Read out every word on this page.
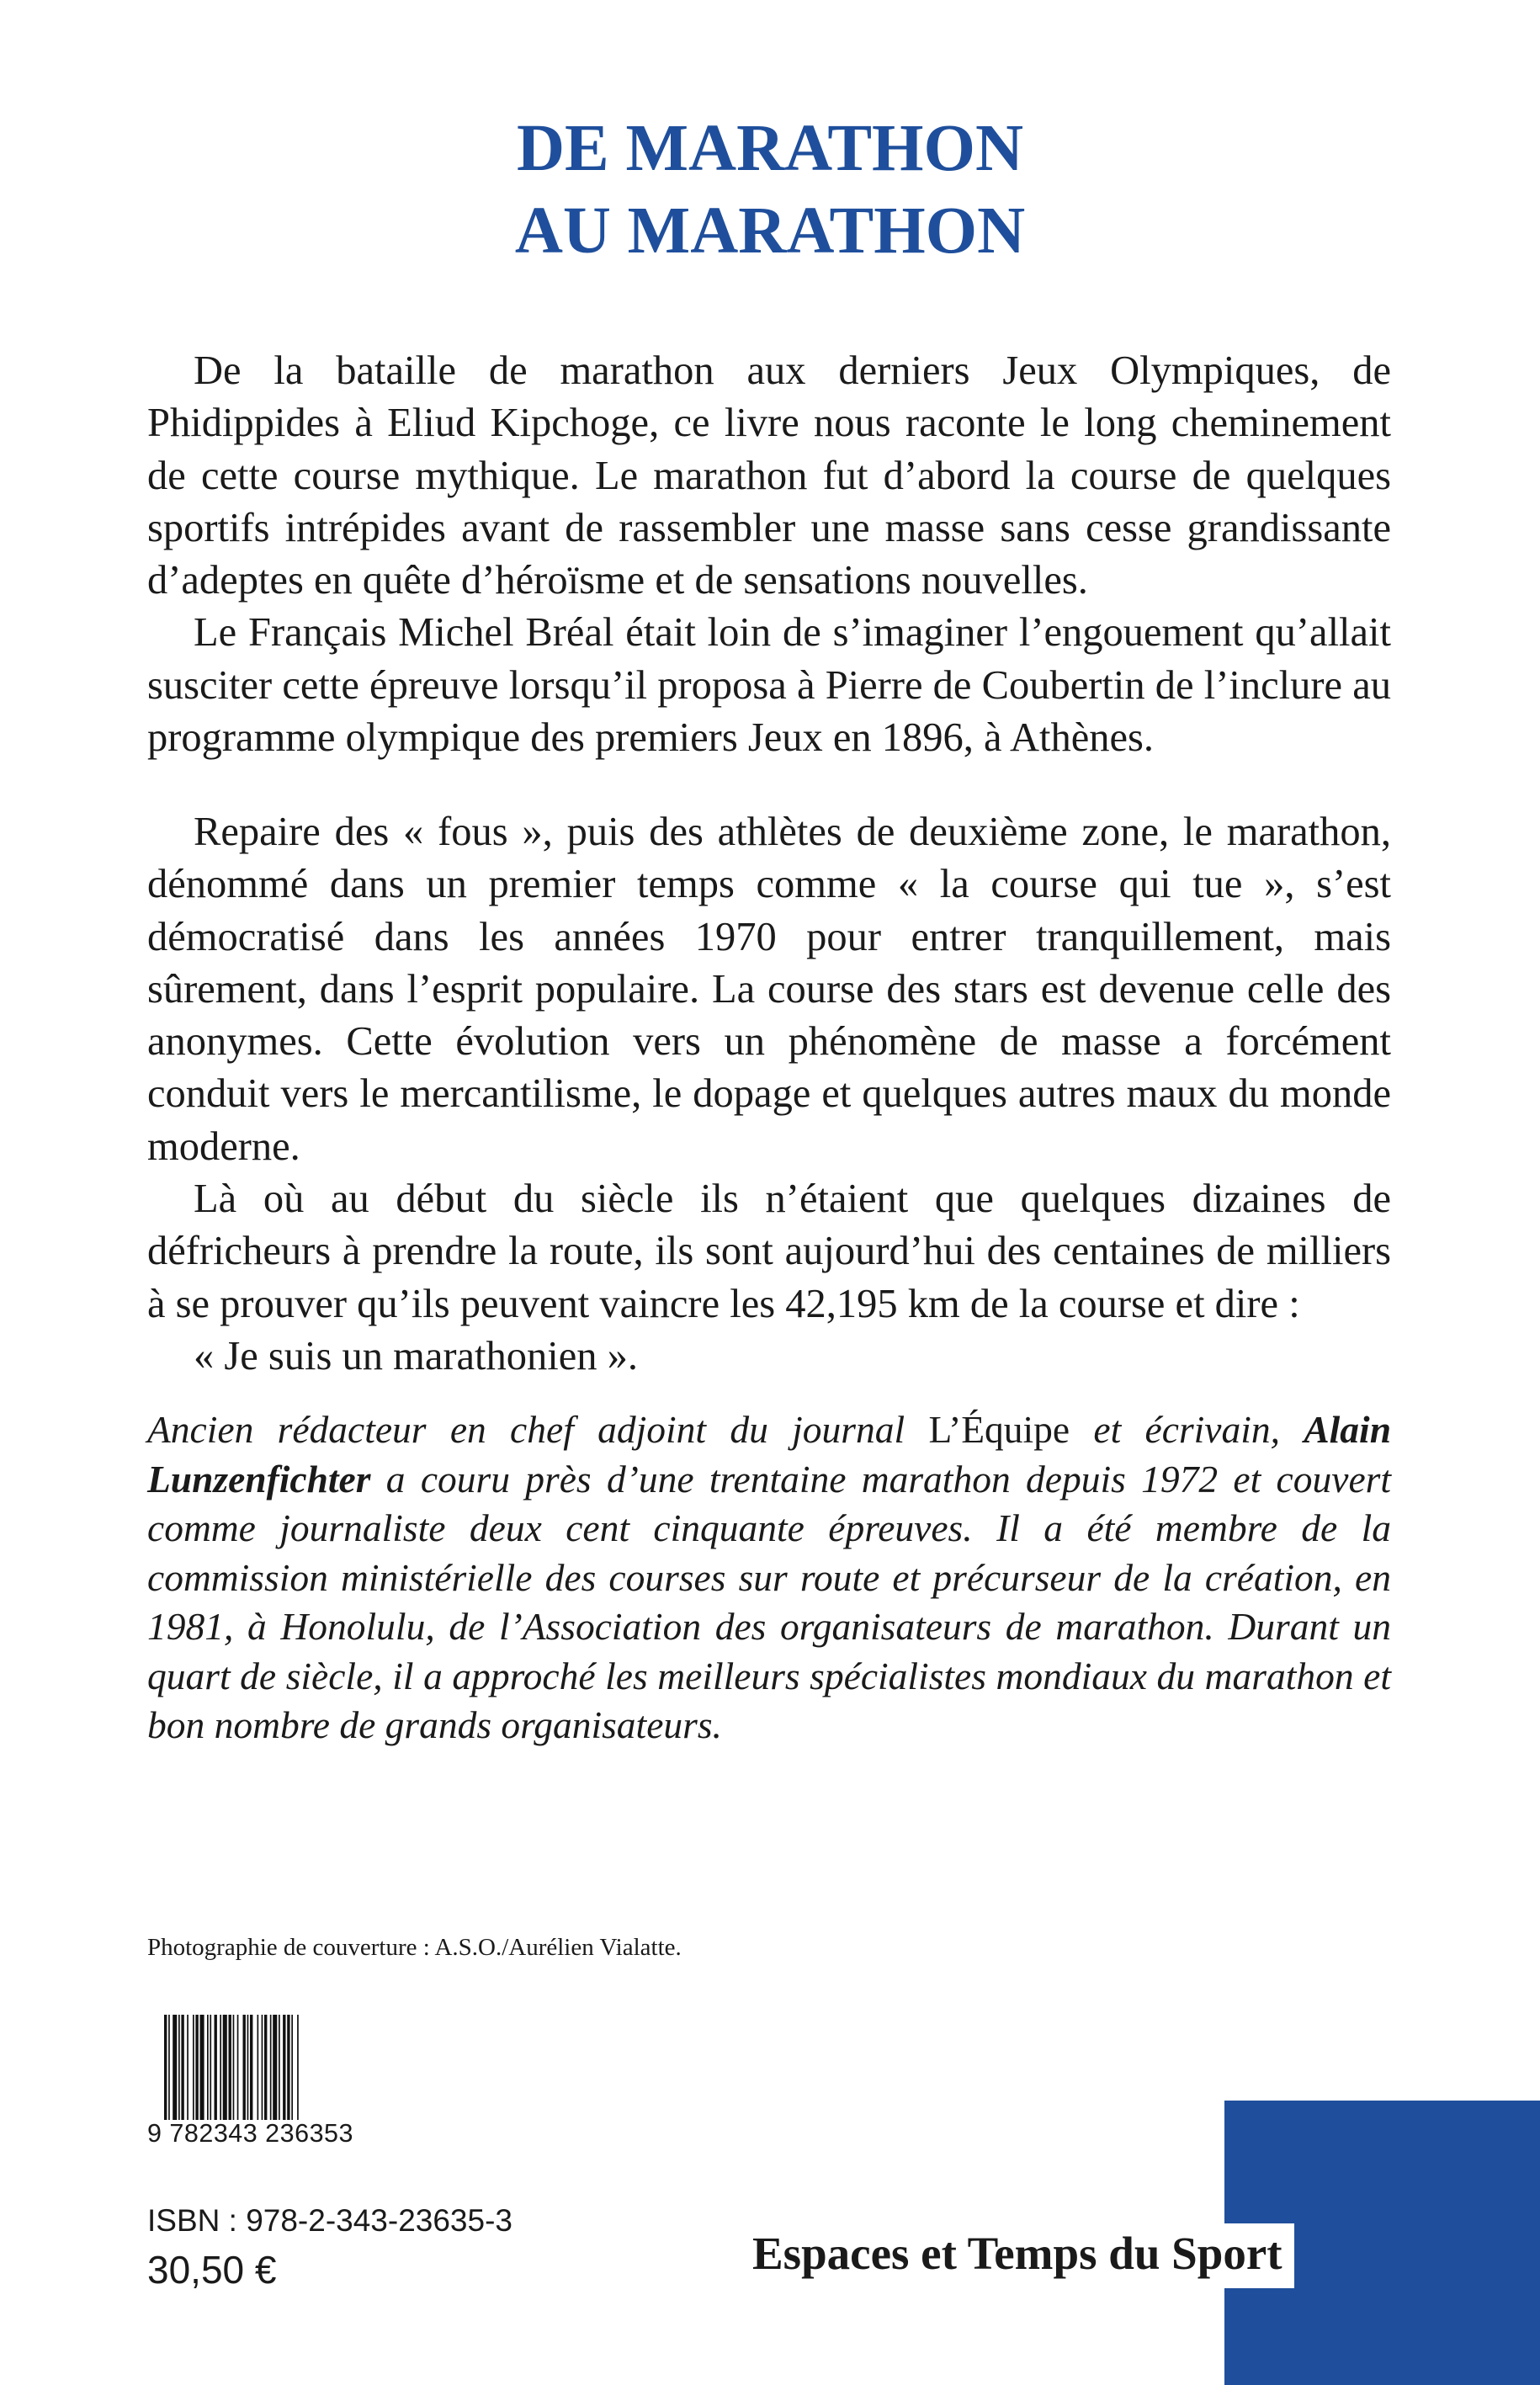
DE MARATHON
AU MARATHON

De la bataille de marathon aux derniers Jeux Olympiques, de Phidippides à Eliud Kipchoge, ce livre nous raconte le long cheminement de cette course mythique. Le marathon fut d’abord la course de quelques sportifs intrépides avant de rassembler une masse sans cesse grandissante d’adeptes en quête d’héroïsme et de sensations nouvelles.

Le Français Michel Bréal était loin de s’imaginer l’engouement qu’allait susciter cette épreuve lorsqu’il proposa à Pierre de Coubertin de l’inclure au programme olympique des premiers Jeux en 1896, à Athènes.

Repaire des « fous », puis des athlètes de deuxième zone, le marathon, dénommé dans un premier temps comme « la course qui tue », s’est démocratisé dans les années 1970 pour entrer tranquillement, mais sûrement, dans l’esprit populaire. La course des stars est devenue celle des anonymes. Cette évolution vers un phénomène de masse a forcément conduit vers le mercantilisme, le dopage et quelques autres maux du monde moderne.

Là où au début du siècle ils n’étaient que quelques dizaines de défricheurs à prendre la route, ils sont aujourd’hui des centaines de milliers à se prouver qu’ils peuvent vaincre les 42,195 km de la course et dire :

« Je suis un marathonien ».

Ancien rédacteur en chef adjoint du journal L’Équipe et écrivain, Alain Lunzenfichter a couru près d’une trentaine marathon depuis 1972 et couvert comme journaliste deux cent cinquante épreuves. Il a été membre de la commission ministérielle des courses sur route et précurseur de la création, en 1981, à Honolulu, de l’Association des organisateurs de marathon. Durant un quart de siècle, il a approché les meilleurs spécialistes mondiaux du marathon et bon nombre de grands organisateurs.

Photographie de couverture : A.S.O./Aurélien Vialatte.

9 782343 236353

ISBN : 978-2-343-23635-3

30,50 €	Espaces et Temps du Sport
